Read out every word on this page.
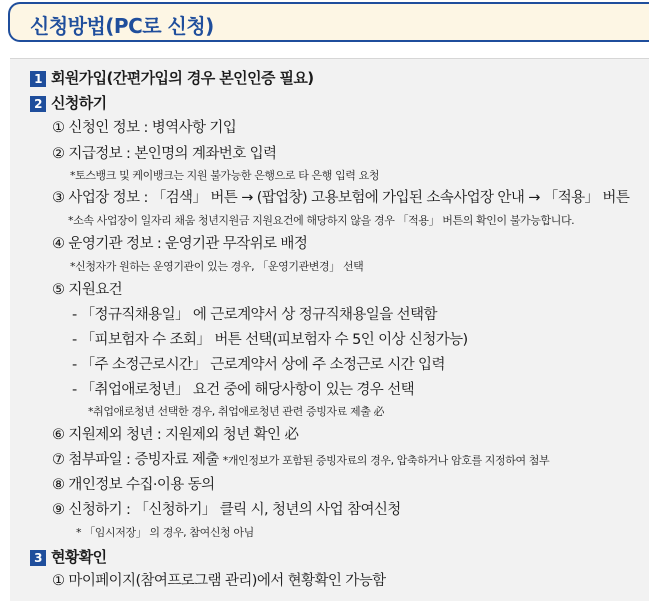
신청방법(PC로 신청)
1 회원가입(간편가입의 경우 본인인증 필요)
2 신청하기
① 신청인 정보 : 병역사항 기입
② 지급정보 : 본인명의 계좌번호 입력
*토스뱅크 및 케이뱅크는 지원 불가능한 은행으로 타 은행 입력 요청
③ 사업장 정보 : 「검색」 버튼 → (팝업창) 고용보험에 가입된 소속사업장 안내 → 「적용」 버튼
*소속 사업장이 일자리 채움 청년지원금 지원요건에 해당하지 않을 경우 「적용」 버튼의 확인이 불가능합니다.
④ 운영기관 정보 : 운영기관 무작위로 배정
*신청자가 원하는 운영기관이 있는 경우, 「운영기관변경」 선택
⑤ 지원요건
- 「정규직채용일」 에 근로계약서 상 정규직채용일을 선택함
- 「피보험자 수 조회」 버튼 선택(피보험자 수 5인 이상 신청가능)
- 「주 소정근로시간」 근로계약서 상에 주 소정근로 시간 입력
- 「취업애로청년」 요건 중에 해당사항이 있는 경우 선택
*취업애로청년 선택한 경우, 취업애로청년 관련 증빙자료 제출 必
⑥ 지원제외 청년 : 지원제외 청년 확인 必
⑦ 첨부파일 : 증빙자료 제출 *개인정보가 포함된 증빙자료의 경우, 압축하거나 암호를 지정하여 첨부
⑧ 개인정보 수집·이용 동의
⑨ 신청하기 : 「신청하기」 클릭 시, 청년의 사업 참여신청
* 「임시저장」 의 경우, 참여신청 아님
3 현황확인
① 마이페이지(참여프로그램 관리)에서 현황확인 가능함
